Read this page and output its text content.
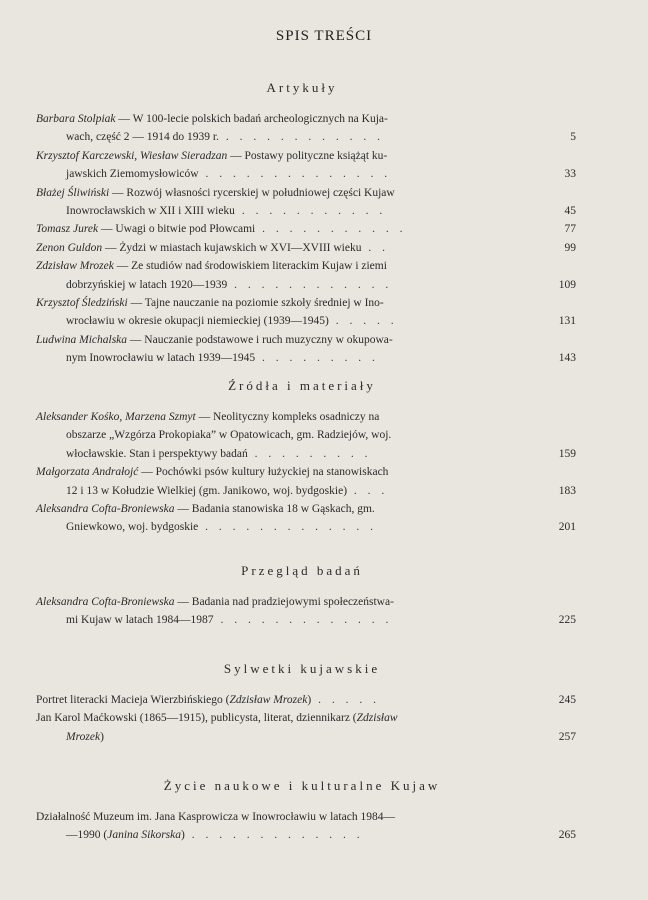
SPIS TREŚCI
Artykuły
Barbara Stolpiak — W 100-lecie polskich badań archeologicznych na Kuja-
wach, część 2 — 1914 do 1939 r. . . . . . . . . . . . .	5
Krzysztof Karczewski, Wiesław Sieradzan — Postawy polityczne książąt ku-
jawskich Ziemomysłowiców . . . . . . . . . . . . . .	33
Błażej Śliwiński — Rozwój własności rycerskiej w południowej części Kujaw
Inowrocławskich w XII i XIII wieku . . . . . . . . . . .	45
Tomasz Jurek — Uwagi o bitwie pod Płowcami . . . . . . . . . . .	77
Zenon Guldon — Żydzi w miastach kujawskich w XVI—XVIII wieku . .	99
Zdzisław Mrozek — Ze studiów nad środowiskiem literackim Kujaw i ziemi
dobrzyńskiej w latach 1920—1939 . . . . . . . . . . . .	109
Krzysztof Śledziński — Tajne nauczanie na poziomie szkoły średniej w Ino-
wrocławiu w okresie okupacji niemieckiej (1939—1945) . . . . .	131
Ludwina Michalska — Nauczanie podstawowe i ruch muzyczny w okupowa-
nym Inowrocławiu w latach 1939—1945 . . . . . . . . .	143
Źródła i materiały
Aleksander Kośko, Marzena Szmyt — Neolityczny kompleks osadniczy na
obszarze „Wzgórza Prokopiaka” w Opatowicach, gm. Radziejów, woj.
włocławskie. Stan i perspektywy badań . . . . . . . . .	159
Małgorzata Andrałojć — Pochówki psów kultury łużyckiej na stanowiskach
12 i 13 w Kołudzie Wielkiej (gm. Janikowo, woj. bydgoskie) . . .	183
Aleksandra Cofta-Broniewska — Badania stanowiska 18 w Gąskach, gm.
Gniewkowo, woj. bydgoskie . . . . . . . . . . . . .	201
Przegląd badań
Aleksandra Cofta-Broniewska — Badania nad pradziejowymi społeczeństwa-
mi Kujaw w latach 1984—1987 . . . . . . . . . . . . .	225
Sylwetki kujawskie
Portret literacki Macieja Wierzbińskiego (Zdzisław Mrozek) . . . . .	245
Jan Karol Maćkowski (1865—1915), publicysta, literat, dziennikarz (Zdzisław
Mrozek)	257
Życie naukowe i kulturalne Kujaw
Działalność Muzeum im. Jana Kasprowicza w Inowrocławiu w latach 1984—
—1990 (Janina Sikorska) . . . . . . . . . . . . .	265
